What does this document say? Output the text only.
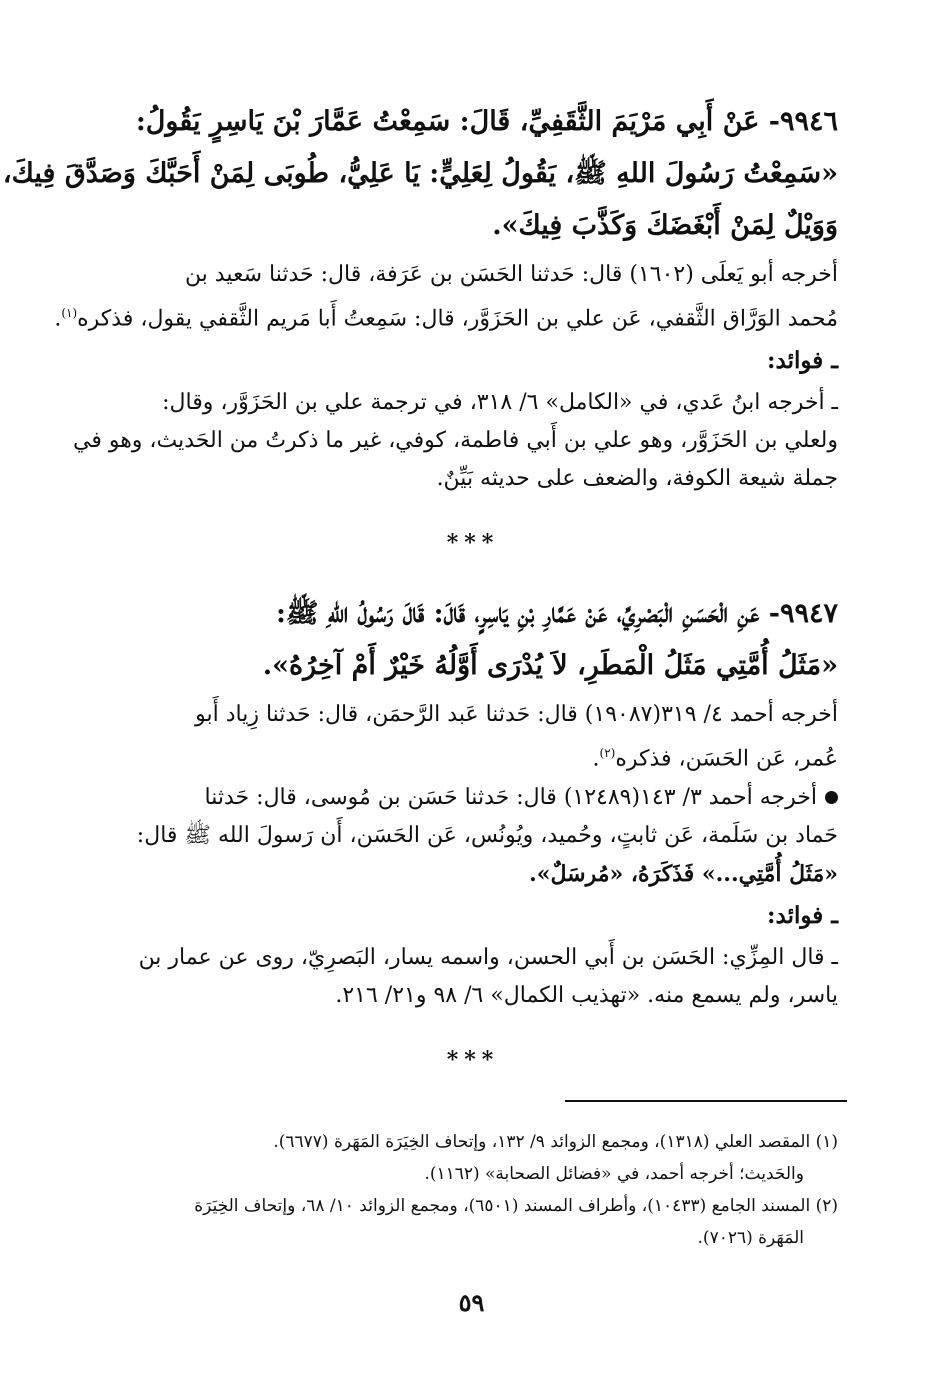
٩٩٤٦- عَنْ أَبِي مَرْيَمَ الثَّقَفِيِّ، قَالَ: سَمِعْتُ عَمَّارَ بْنَ يَاسِرٍ يَقُولُ:

«سَمِعْتُ رَسُولَ اللهِ ﷺ، يَقُولُ لِعَلِيٍّ: يَا عَلِيُّ، طُوبَى لِمَنْ أَحَبَّكَ وَصَدَّقَ فِيكَ،

وَوَيْلٌ لِمَنْ أَبْغَضَكَ وَكَذَّبَ فِيكَ».

أخرجه أبو يَعلَى (١٦٠٢) قال: حَدثنا الحَسَن بن عَرَفة، قال: حَدثنا سَعيد بن

مُحمد الوَرَّاق الثَّقفي، عَن علي بن الحَزَوَّر، قال: سَمِعتُ أَبا مَريم الثَّقفي يقول، فذكره$^{(١)}$.

ـ فوائد:

ـ أخرجه ابنُ عَدي، في «الكامل» ٦/ ٣١٨، في ترجمة علي بن الحَزَوَّر، وقال:

ولعلي بن الحَزَوَّر، وهو علي بن أَبي فاطمة، كوفي، غير ما ذكرتُ من الحَديث، وهو في

جملة شيعة الكوفة، والضعف على حديثه بَيِّنٌ.

***

٩٩٤٧- عَنِ الْحَسَنِ الْبَصْرِيِّ، عَنْ عَمَّارِ بْنِ يَاسِرٍ، قَالَ: قَالَ رَسُولُ اللهِ ﷺ:

«مَثَلُ أُمَّتِي مَثَلُ الْمَطَرِ، لاَ يُدْرَى أَوَّلُهُ خَيْرٌ أَمْ آخِرُهُ».

أخرجه أحمد ٤/ ٣١٩(١٩٠٨٧) قال: حَدثنا عَبد الرَّحمَن، قال: حَدثنا زِياد أَبو

عُمر، عَن الحَسَن، فذكره$^{(٢)}$.

أخرجه أحمد ٣/ ١٤٣(١٢٤٨٩) قال: حَدثنا حَسَن بن مُوسى، قال: حَدثنا

حَماد بن سَلَمة، عَن ثابتٍ، وحُميد، ويُونُس، عَن الحَسَن، أَن رَسولَ الله ﷺ قال:

«مَثَلُ أُمَّتِي...» فَذَكَرَهُ، «مُرسَلٌ».

ـ فوائد:

ـ قال المِزِّي: الحَسَن بن أَبي الحسن، واسمه يسار، البَصرِيّ، روى عن عمار بن

ياسر، ولم يسمع منه. «تهذيب الكمال» ٦/ ٩٨ و٢١/ ٢١٦.

***

(١) المقصد العلي (١٣١٨)، ومجمع الزوائد ٩/ ١٣٢، وإتحاف الخِيَرَة المَهَرة (٦٦٧٧).

والحَديث؛ أخرجه أحمد، في «فضائل الصحابة» (١١٦٢).

(٢) المسند الجامع (١٠٤٣٣)، وأطراف المسند (٦٥٠١)، ومجمع الزوائد ١٠/ ٦٨، وإتحاف الخِيَرَة

المَهَرة (٧٠٢٦).

٥٩
